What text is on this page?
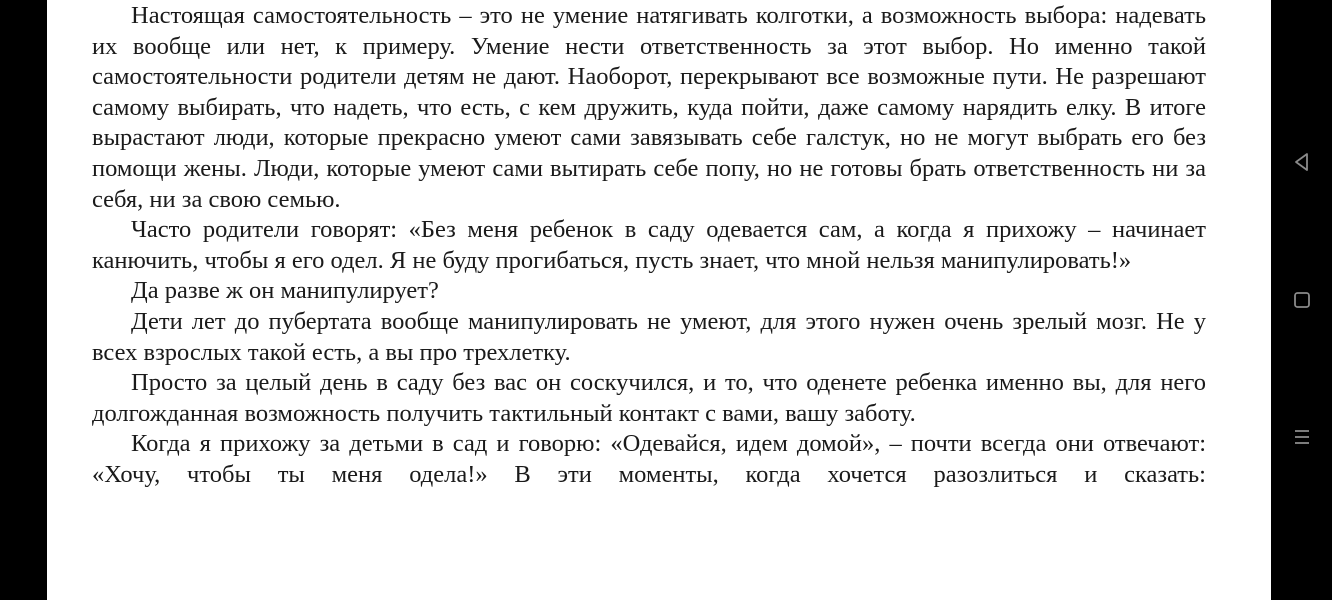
Настоящая самостоятельность – это не умение натягивать колготки, а возможность выбора: надевать их вообще или нет, к примеру. Умение нести ответственность за этот выбор. Но именно такой самостоятельности родители детям не дают. Наоборот, перекрывают все возможные пути. Не разрешают самому выбирать, что надеть, что есть, с кем дружить, куда пойти, даже самому нарядить елку. В итоге вырастают люди, которые прекрасно умеют сами завязывать себе галстук, но не могут выбрать его без помощи жены. Люди, которые умеют сами вытирать себе попу, но не готовы брать ответственность ни за себя, ни за свою семью.

Часто родители говорят: «Без меня ребенок в саду одевается сам, а когда я прихожу – начинает канючить, чтобы я его одел. Я не буду прогибаться, пусть знает, что мной нельзя манипулировать!»

Да разве ж он манипулирует?

Дети лет до пубертата вообще манипулировать не умеют, для этого нужен очень зрелый мозг. Не у всех взрослых такой есть, а вы про трехлетку.

Просто за целый день в саду без вас он соскучился, и то, что оденете ребенка именно вы, для него долгожданная возможность получить тактильный контакт с вами, вашу заботу.

Когда я прихожу за детьми в сад и говорю: «Одевайся, идем домой», – почти всегда они отвечают: «Хочу, чтобы ты меня одела!» В эти моменты, когда хочется разозлиться и сказать:
